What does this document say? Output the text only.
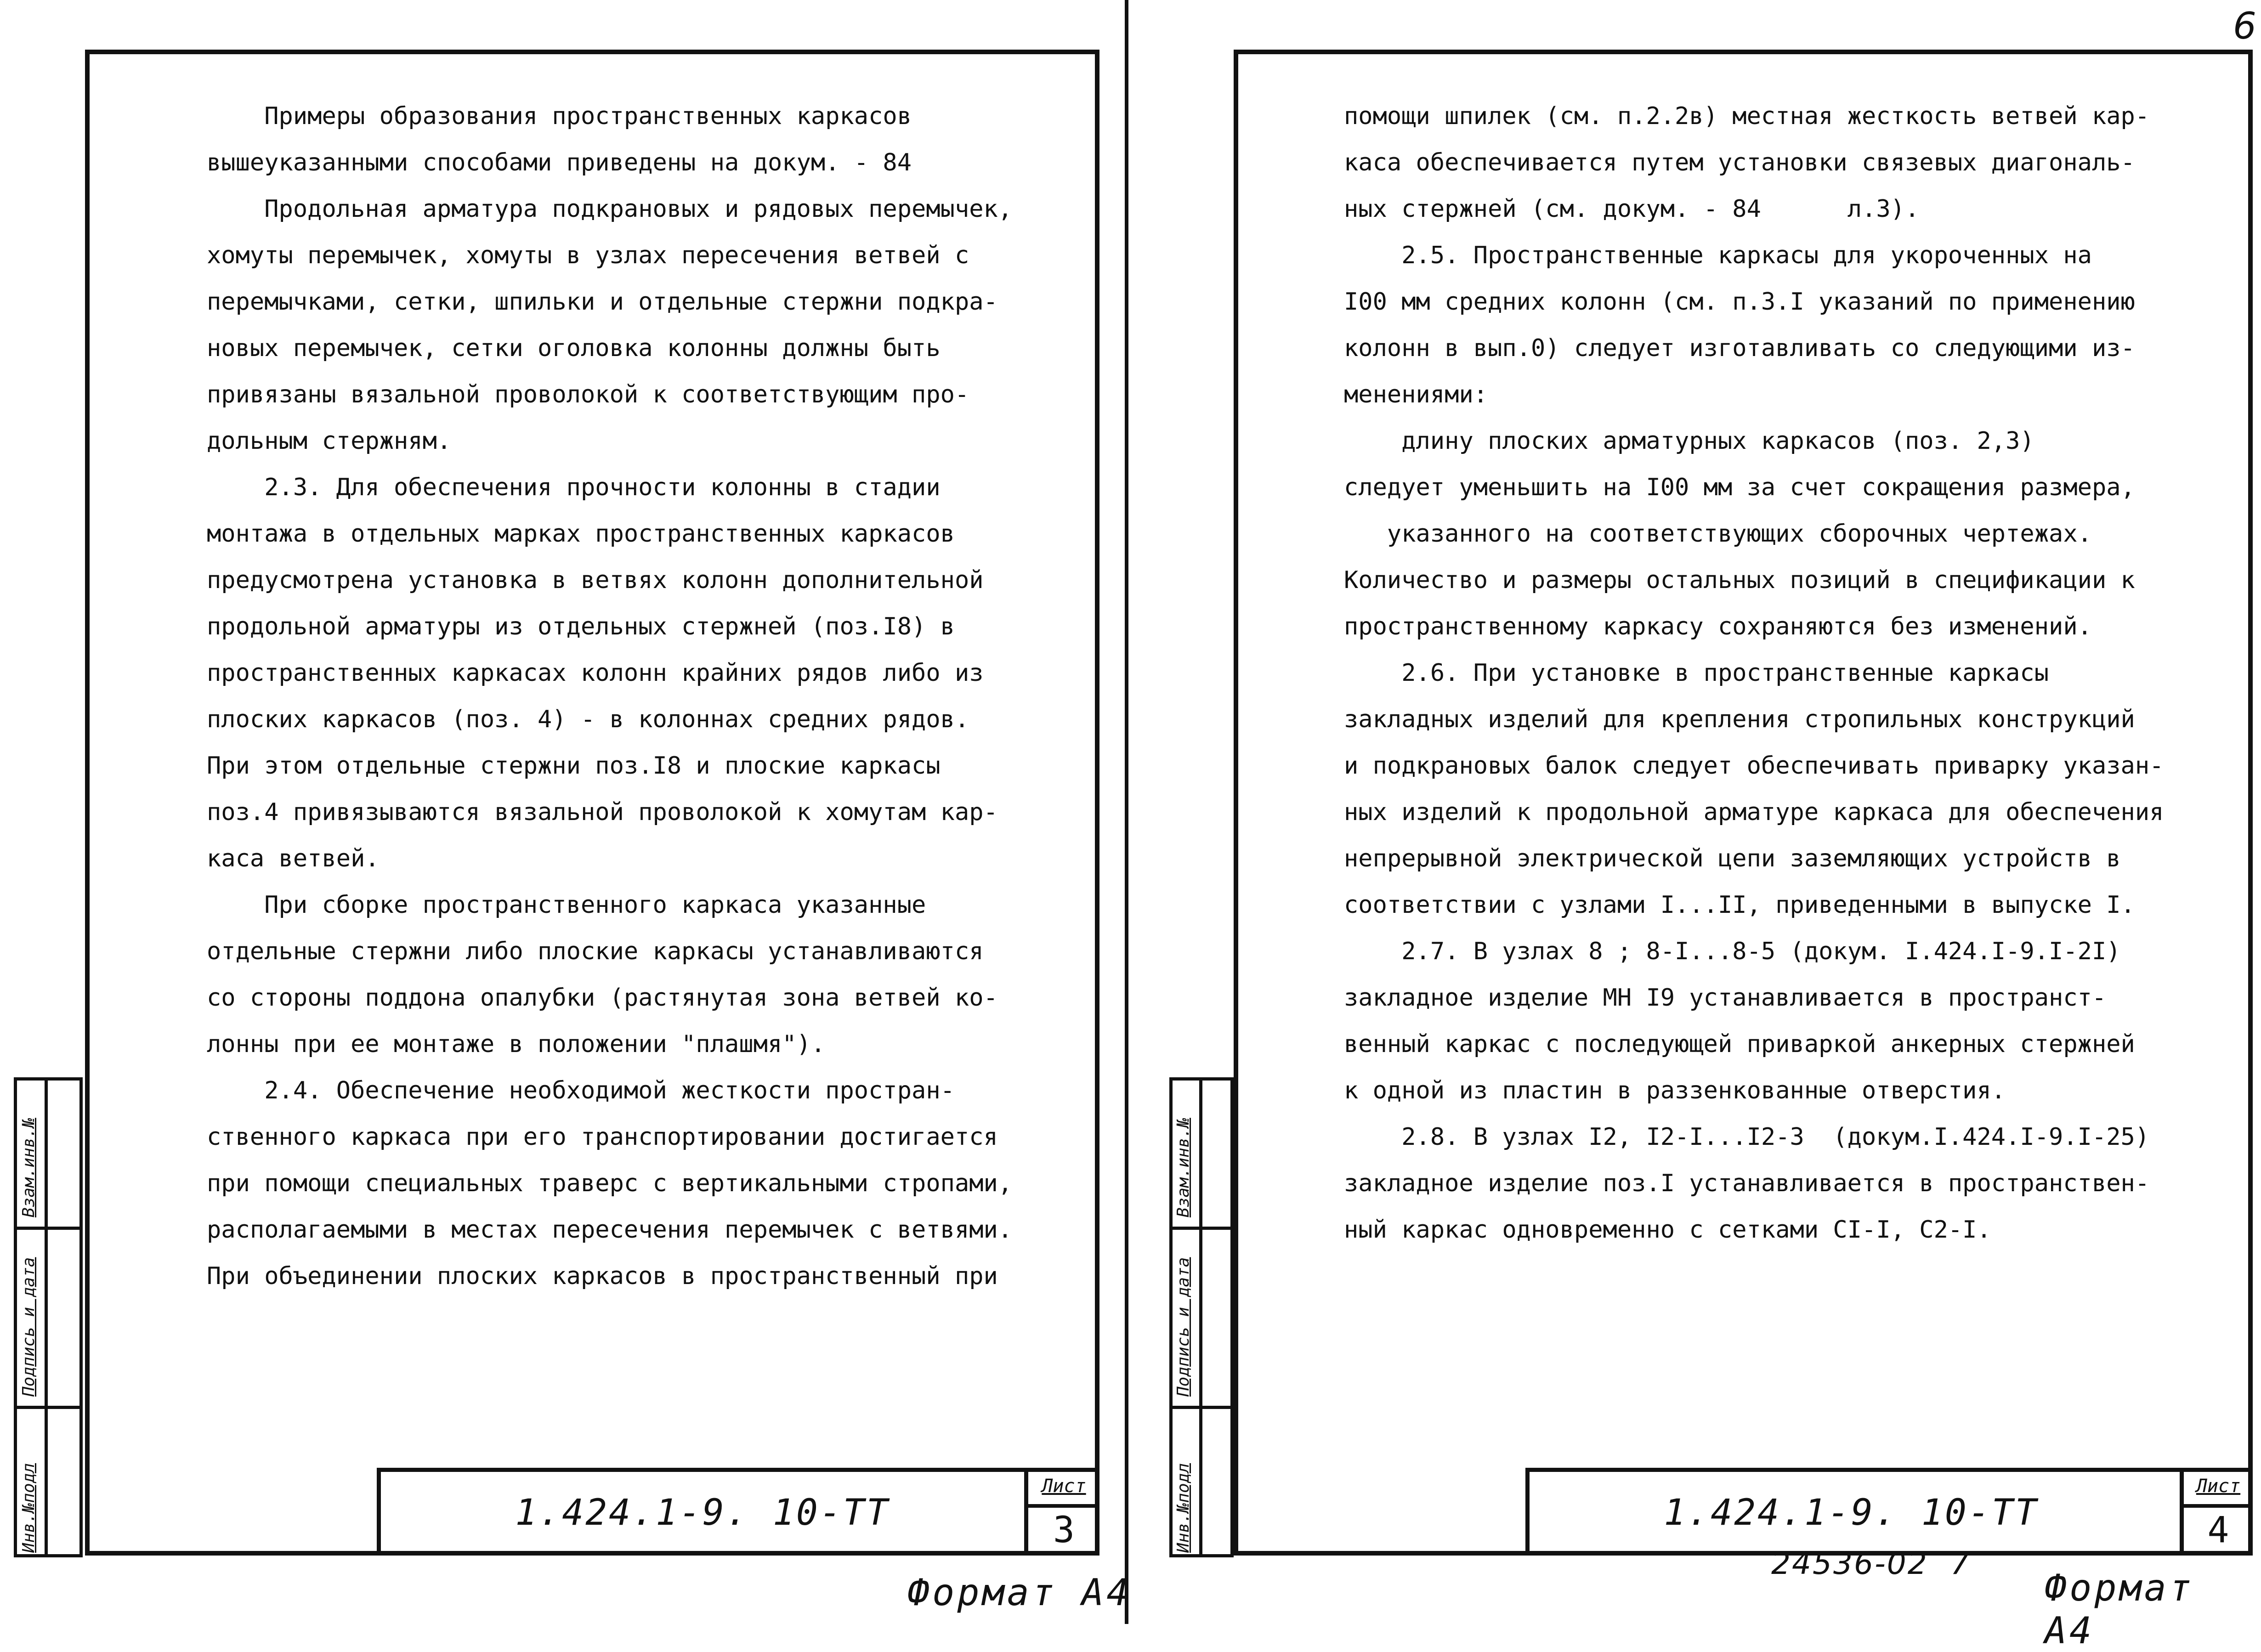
6
Примеры образования пространственных каркасов
вышеуказанными способами приведены на докум. - 84
Продольная арматура подкрановых и рядовых перемычек,
хомуты перемычек, хомуты в узлах пересечения ветвей с
перемычками, сетки, шпильки и отдельные стержни подкра-
новых перемычек, сетки оголовка колонны должны быть
привязаны вязальной проволокой к соответствующим про-
дольным стержням.
2.3. Для обеспечения прочности колонны в стадии
монтажа в отдельных марках пространственных каркасов
предусмотрена установка в ветвях колонн дополнительной
продольной арматуры из отдельных стержней (поз.I8) в
пространственных каркасах колонн крайних рядов либо из
плоских каркасов (поз. 4) - в колоннах средних рядов.
При этом отдельные стержни поз.I8 и плоские каркасы
поз.4 привязываются вязальной проволокой к хомутам кар-
каса ветвей.
При сборке пространственного каркаса указанные
отдельные стержни либо плоские каркасы устанавливаются
со стороны поддона опалубки (растянутая зона ветвей ко-
лонны при ее монтаже в положении "плашмя").
2.4. Обеспечение необходимой жесткости простран-
ственного каркаса при его транспортировании достигается
при помощи специальных траверс с вертикальными стропами,
располагаемыми в местах пересечения перемычек с ветвями.
При объединении плоских каркасов в пространственный при
1.424.1-9. 10-TT
Лист
3
Инв.№подл
Подпись и дата
Взам.инв.№
Формат А4
помощи шпилек (см. п.2.2в) местная жесткость ветвей кар-
каса обеспечивается путем установки связевых диагональ-
ных стержней (см. докум. - 84      л.3).
2.5. Пространственные каркасы для укороченных на
I00 мм средних колонн (см. п.3.I указаний по применению
колонн в вып.0) следует изготавливать со следующими из-
менениями:
длину плоских арматурных каркасов (поз. 2,3)
следует уменьшить на I00 мм за счет сокращения размера,
указанного на соответствующих сборочных чертежах.
Количество и размеры остальных позиций в спецификации к
пространственному каркасу сохраняются без изменений.
2.6. При установке в пространственные каркасы
закладных изделий для крепления стропильных конструкций
и подкрановых балок следует обеспечивать приварку указан-
ных изделий к продольной арматуре каркаса для обеспечения
непрерывной электрической цепи заземляющих устройств в
соответствии с узлами I...II, приведенными в выпуске I.
2.7. В узлах 8 ; 8-I...8-5 (докум. I.424.I-9.I-2I)
закладное изделие МН I9 устанавливается в пространст-
венный каркас с последующей приваркой анкерных стержней
к одной из пластин в раззенкованные отверстия.
2.8. В узлах I2, I2-I...I2-3  (докум.I.424.I-9.I-25)
закладное изделие поз.I устанавливается в пространствен-
ный каркас одновременно с сетками CI-I, C2-I.
1.424.1-9. 10-TT
Лист
4
Инв.№подл
Подпись и дата
Взам.инв.№
24536-02  7
Формат А4
